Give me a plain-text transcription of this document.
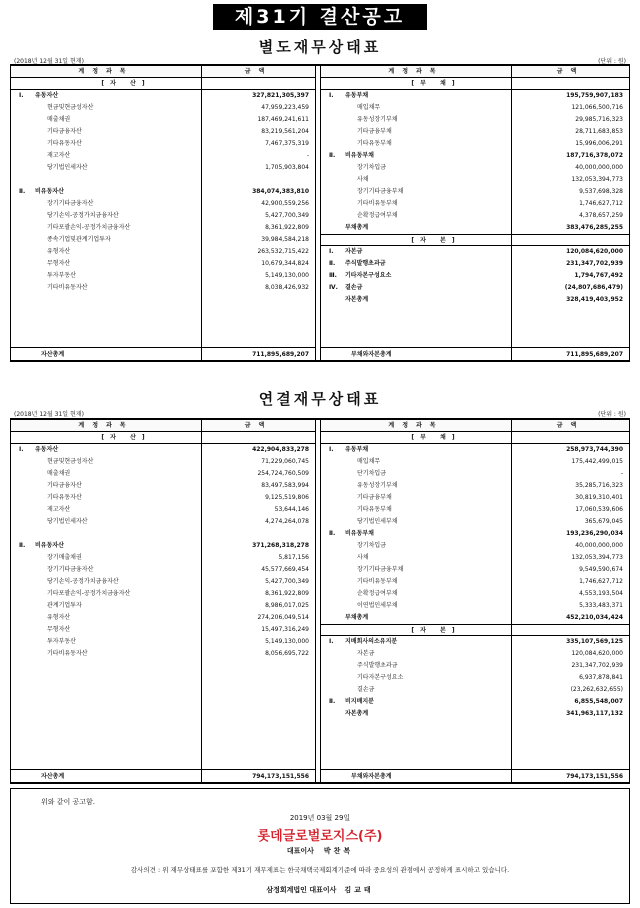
제31기 결산공고
별도재무상태표
(2018년 12월 31일 현재)	(단위 : 원)
계정과목	금액
[자 산]
Ⅰ.	유동자산	327,821,305,397
현금및현금성자산	47,959,223,459
매출채권	187,469,241,611
기타금융자산	83,219,561,204
기타유동자산	7,467,375,319
재고자산	-
당기법인세자산	1,705,903,804
Ⅱ.	비유동자산	384,074,383,810
장기기타금융자산	42,900,559,256
당기손익-공정가치금융자산	5,427,700,349
기타포괄손익-공정가치금융자산	8,361,922,809
종속기업및관계기업투자	39,984,584,218
유형자산	263,532,715,422
무형자산	10,679,344,824
투자부동산	5,149,130,000
기타비유동자산	8,038,426,932
자산총계	711,895,689,207
계정과목	금액
[부 채]
Ⅰ.	유동부채	195,759,907,183
매입채무	121,066,500,716
유동성장기부채	29,985,716,323
기타금융부채	28,711,683,853
기타유동부채	15,996,006,291
Ⅱ.	비유동부채	187,716,378,072
장기차입금	40,000,000,000
사채	132,053,394,773
장기기타금융부채	9,537,698,328
기타비유동부채	1,746,627,712
순확정급여부채	4,378,657,259
부채총계	383,476,285,255
[자 본]
Ⅰ.	자본금	120,084,620,000
Ⅱ.	주식발행초과금	231,347,702,939
Ⅲ.	기타자본구성요소	1,794,767,492
Ⅳ.	결손금	(24,807,686,479)
자본총계	328,419,403,952
부채와자본총계	711,895,689,207
연결재무상태표
(2018년 12월 31일 현재)	(단위 : 원)
계정과목	금액
[자 산]
Ⅰ.	유동자산	422,904,833,278
현금및현금성자산	71,229,060,745
매출채권	254,724,760,509
기타금융자산	83,497,583,994
기타유동자산	9,125,519,806
재고자산	53,644,146
당기법인세자산	4,274,264,078
Ⅱ.	비유동자산	371,268,318,278
장기매출채권	5,817,156
장기기타금융자산	45,577,669,454
당기손익-공정가치금융자산	5,427,700,349
기타포괄손익-공정가치금융자산	8,361,922,809
관계기업투자	8,986,017,025
유형자산	274,206,049,514
무형자산	15,497,316,249
투자부동산	5,149,130,000
기타비유동자산	8,056,695,722
자산총계	794,173,151,556
계정과목	금액
[부 채]
Ⅰ.	유동부채	258,973,744,390
매입채무	175,442,499,015
단기차입금	-
유동성장기부채	35,285,716,323
기타금융부채	30,819,310,401
기타유동부채	17,060,539,606
당기법인세부채	365,679,045
Ⅱ.	비유동부채	193,236,290,034
장기차입금	40,000,000,000
사채	132,053,394,773
장기기타금융부채	9,549,590,674
기타비유동부채	1,746,627,712
순확정급여부채	4,553,193,504
이연법인세부채	5,333,483,371
부채총계	452,210,034,424
[자 본]
Ⅰ.	지배회사의소유지분	335,107,569,125
자본금	120,084,620,000
주식발행초과금	231,347,702,939
기타자본구성요소	6,937,878,841
결손금	(23,262,632,655)
Ⅱ.	비지배지분	6,855,548,007
자본총계	341,963,117,132
부채와자본총계	794,173,151,556
위와 같이 공고함.
2019년 03월 29일
롯데글로벌로지스(주)
대표이사 박찬복
감사의견 : 위 재무상태표를 포함한 제31기 재무제표는 한국채택국제회계기준에 따라 중요성의 관점에서 공정하게 표시하고 있습니다.
삼정회계법인 대표이사 김교태
